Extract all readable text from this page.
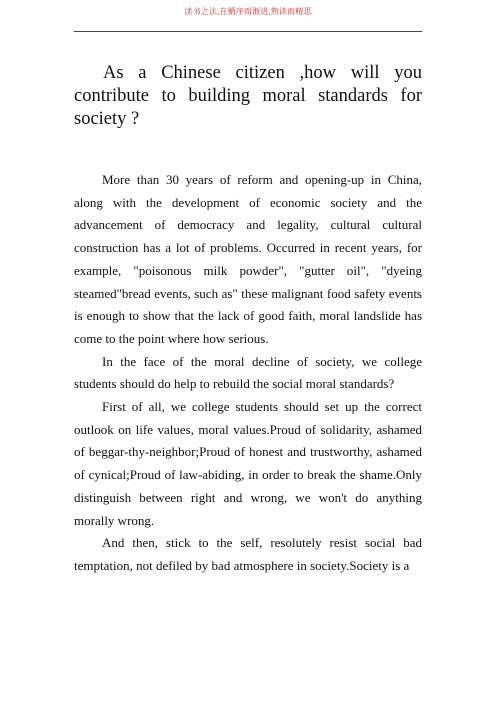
读书之法,在循序而渐进,熟读而精思
As a Chinese citizen ,how will you contribute to building moral standards for society ?

More than 30 years of reform and opening-up in China, along with the development of economic society and the advancement of democracy and legality, cultural cultural construction has a lot of problems. Occurred in recent years, for example, "poisonous milk powder", "gutter oil", "dyeing steamed"bread events, such as" these malignant food safety events is enough to show that the lack of good faith, moral landslide has come to the point where how serious.

In the face of the moral decline of society, we college students should do help to rebuild the social moral standards?

First of all, we college students should set up the correct outlook on life values, moral values.Proud of solidarity, ashamed of beggar-thy-neighbor;Proud of honest and trustworthy, ashamed of cynical;Proud of law-abiding, in order to break the shame.Only distinguish between right and wrong, we won't do anything morally wrong.

And then, stick to the self, resolutely resist social bad temptation, not defiled by bad atmosphere in society.Society is a
